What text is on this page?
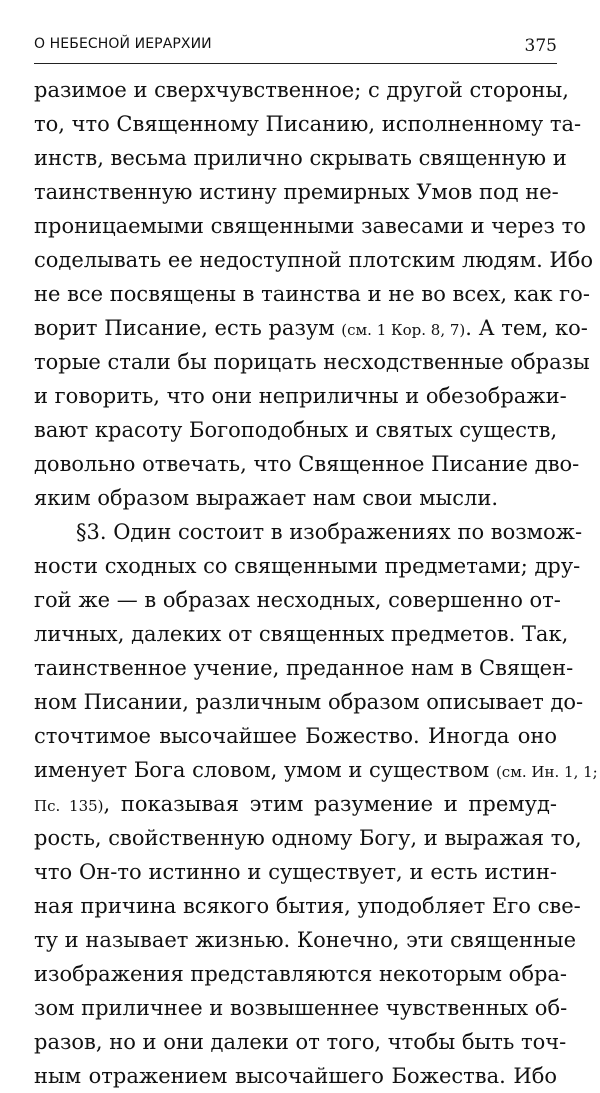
О НЕБЕСНОЙ ИЕРАРХИИ	375
разимое и сверхчувственное; с другой стороны,
то, что Священному Писанию, исполненному та-
инств, весьма прилично скрывать священную и
таинственную истину премирных Умов под не-
проницаемыми священными завесами и через то
соделывать ее недоступной плотским людям. Ибо
не все посвящены в таинства и не во всех, как го-
ворит Писание, есть разум (см. 1 Кор. 8, 7). А тем, ко-
торые стали бы порицать несходственные образы
и говорить, что они неприличны и обезображи-
вают красоту Богоподобных и святых существ,
довольно отвечать, что Священное Писание дво-
яким образом выражает нам свои мысли.
§3. Один состоит в изображениях по возмож-
ности сходных со священными предметами; дру-
гой же — в образах несходных, совершенно от-
личных, далеких от священных предметов. Так,
таинственное учение, преданное нам в Священ-
ном Писании, различным образом описывает до-
сточтимое высочайшее Божество. Иногда оно
именует Бога словом, умом и существом (см. Ин. 1, 1;
Пс. 135), показывая этим разумение и премуд-
рость, свойственную одному Богу, и выражая то,
что Он-то истинно и существует, и есть истин-
ная причина всякого бытия, уподобляет Его све-
ту и называет жизнью. Конечно, эти священные
изображения представляются некоторым обра-
зом приличнее и возвышеннее чувственных об-
разов, но и они далеки от того, чтобы быть точ-
ным отражением высочайшего Божества. Ибо
